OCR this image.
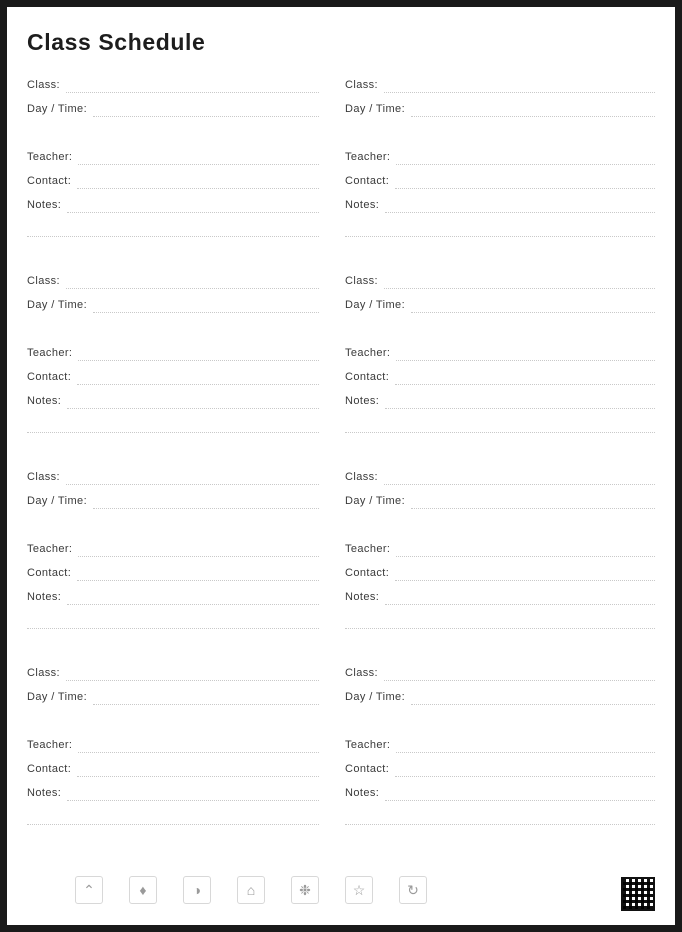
Class Schedule
Class:
Day / Time:
Teacher:
Contact:
Notes:
Class:
Day / Time:
Teacher:
Contact:
Notes:
Class:
Day / Time:
Teacher:
Contact:
Notes:
Class:
Day / Time:
Teacher:
Contact:
Notes:
Class:
Day / Time:
Teacher:
Contact:
Notes:
Class:
Day / Time:
Teacher:
Contact:
Notes:
Class:
Day / Time:
Teacher:
Contact:
Notes:
Class:
Day / Time:
Teacher:
Contact:
Notes:
⌃	♦	◑	⌂	❉	☆	↻
